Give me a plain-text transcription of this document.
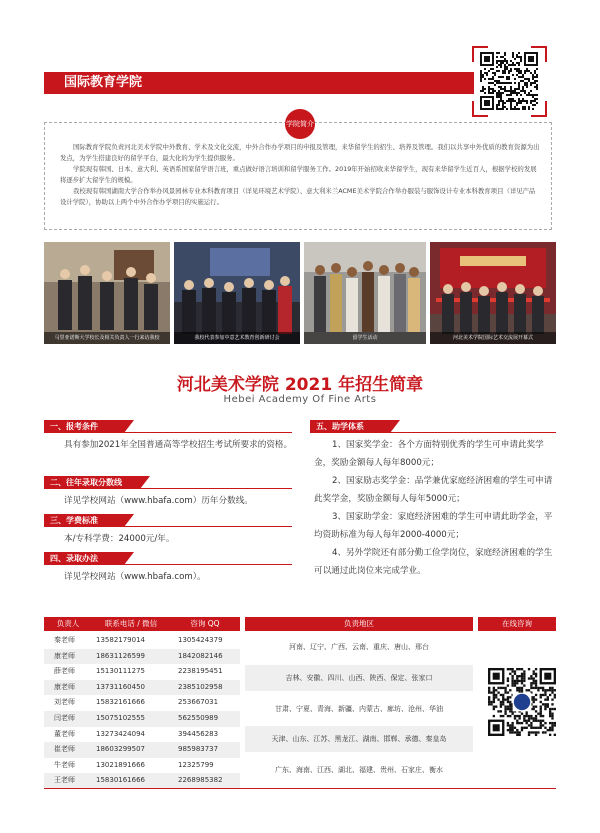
国际教育学院
学院简介

国际教育学院负责河北美术学院中外教育、学术及文化交流，中外合作办学项目的申报及管理，来华留学生的招生、培养及管理。我们以共享中外优质的教育资源为出发点，为学生搭建良好的留学平台，最大化的为学生提供服务。

学院现有韩国、日本、意大利、英语系国家留学语言班，重点做好语言培训和留学服务工作。2019年开始招收来华留学生，现有来华留学生近百人，根据学校的发展将逐步扩大留学生的规模。

我校现有韩国湖南大学合作举办风景园林专业本科教育项目（详见环境艺术学院）、意大利米兰ACME美术学院合作举办服装与服饰设计专业本科教育项目（详见产品设计学院），协助以上两个中外合作办学项目的实施运行。

马里亚诺斯大学校长及相关负责人一行来访我校	我校代表参加中意艺术教育创新研讨会	留学生活动	河北美术学院国际艺术交流展开幕式
河北美术学院 2021 年招生简章
Hebei Academy Of Fine Arts
一、报考条件
具有参加2021年全国普通高等学校招生考试所要求的资格。
二、往年录取分数线
详见学校网站（www.hbafa.com）历年分数线。
三、学费标准
本/专科学费：24000元/年。
四、录取办法
详见学校网站（www.hbafa.com）。
五、助学体系
1、国家奖学金：各个方面特别优秀的学生可申请此奖学金，奖励金额每人每年8000元；
2、国家励志奖学金：品学兼优家庭经济困难的学生可申请此奖学金，奖励金额每人每年5000元；
3、国家助学金：家庭经济困难的学生可申请此助学金，平均资助标准为每人每年2000-4000元；
4、另外学院还有部分勤工俭学岗位，家庭经济困难的学生可以通过此岗位来完成学业。
负责人	联系电话 / 微信	咨询 QQ	负责地区	在线咨询
秦老师	13582179014	1305424379
康老师	18631126599	1842082146
薛老师	15130111275	2238195451
康老师	13731160450	2385102958
刘老师	15832161666	253667031
闫老师	15075102555	562550989
董老师	13273424094	394456283
崔老师	18603299507	985983737
牛老师	13021891666	12325799
王老师	15830161666	2268985382
河南、辽宁、广西、云南、重庆、唐山、邢台
吉林、安徽、四川、山西、陕西、保定、张家口
甘肃、宁夏、青海、新疆、内蒙古、廊坊、沧州、华油
天津、山东、江苏、黑龙江、湖南、邯郸、承德、秦皇岛
广东、海南、江西、湖北、福建、贵州、石家庄、衡水
